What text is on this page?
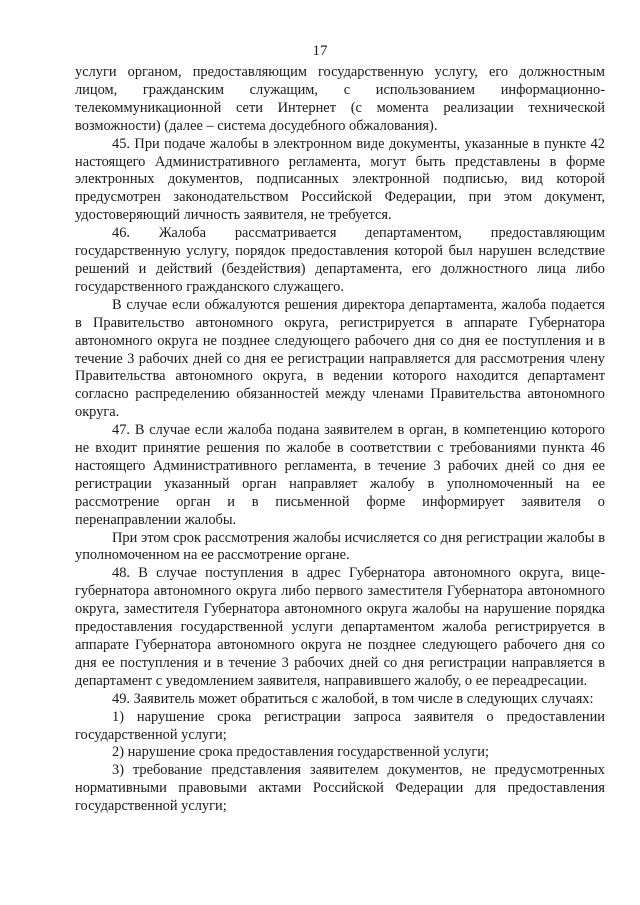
17

услуги органом, предоставляющим государственную услугу, его должностным лицом, гражданским служащим, с использованием информационно-телекоммуникационной сети Интернет (с момента реализации технической возможности) (далее – система досудебного обжалования).

45. При подаче жалобы в электронном виде документы, указанные в пункте 42 настоящего Административного регламента, могут быть представлены в форме электронных документов, подписанных электронной подписью, вид которой предусмотрен законодательством Российской Федерации, при этом документ, удостоверяющий личность заявителя, не требуется.

46. Жалоба рассматривается департаментом, предоставляющим государственную услугу, порядок предоставления которой был нарушен вследствие решений и действий (бездействия) департамента, его должностного лица либо государственного гражданского служащего.

В случае если обжалуются решения директора департамента, жалоба подается в Правительство автономного округа, регистрируется в аппарате Губернатора автономного округа не позднее следующего рабочего дня со дня ее поступления и в течение 3 рабочих дней со дня ее регистрации направляется для рассмотрения члену Правительства автономного округа, в ведении которого находится департамент согласно распределению обязанностей между членами Правительства автономного округа.

47. В случае если жалоба подана заявителем в орган, в компетенцию которого не входит принятие решения по жалобе в соответствии с требованиями пункта 46 настоящего Административного регламента, в течение 3 рабочих дней со дня ее регистрации указанный орган направляет жалобу в уполномоченный на ее рассмотрение орган и в письменной форме информирует заявителя о перенаправлении жалобы.

При этом срок рассмотрения жалобы исчисляется со дня регистрации жалобы в уполномоченном на ее рассмотрение органе.

48. В случае поступления в адрес Губернатора автономного округа, вице-губернатора автономного округа либо первого заместителя Губернатора автономного округа, заместителя Губернатора автономного округа жалобы на нарушение порядка предоставления государственной услуги департаментом жалоба регистрируется в аппарате Губернатора автономного округа не позднее следующего рабочего дня со дня ее поступления и в течение 3 рабочих дней со дня регистрации направляется в департамент с уведомлением заявителя, направившего жалобу, о ее переадресации.

49. Заявитель может обратиться с жалобой, в том числе в следующих случаях:

1) нарушение срока регистрации запроса заявителя о предоставлении государственной услуги;

2) нарушение срока предоставления государственной услуги;

3) требование представления заявителем документов, не предусмотренных нормативными правовыми актами Российской Федерации для предоставления государственной услуги;
